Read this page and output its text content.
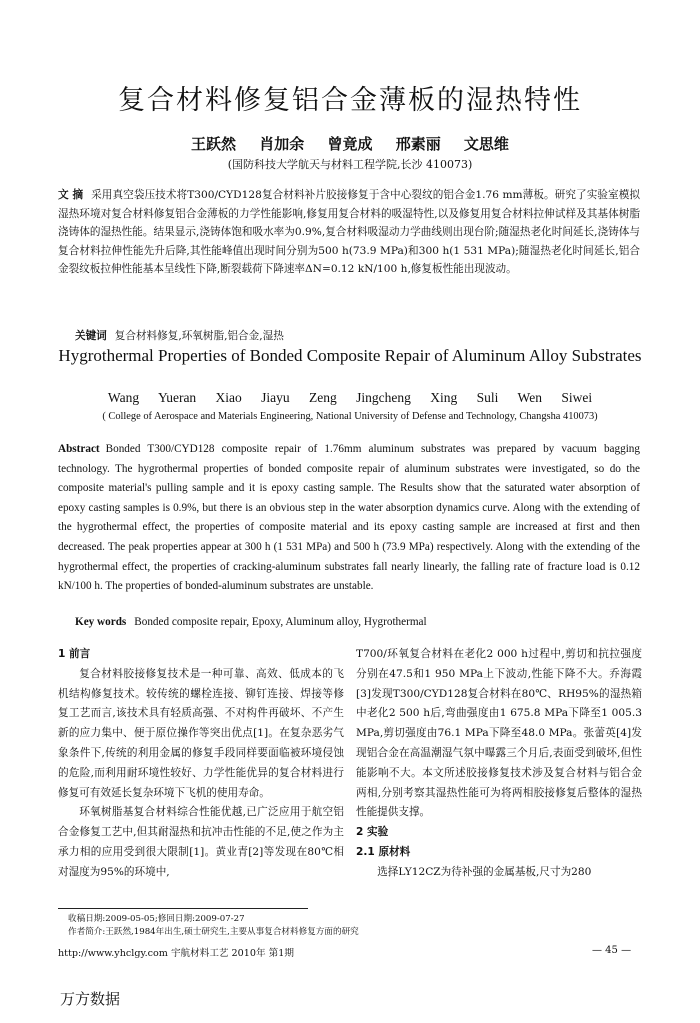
复合材料修复铝合金薄板的湿热特性
王跃然 肖加余 曾竟成 邢素丽 文思维
(国防科技大学航天与材料工程学院,长沙 410073)
文 摘 采用真空袋压技术将T300/CYD128复合材料补片胶接修复于含中心裂纹的铝合金1.76 mm薄板。研究了实验室模拟湿热环境对复合材料修复铝合金薄板的力学性能影响,修复用复合材料的吸湿特性,以及修复用复合材料拉伸试样及其基体树脂浇铸体的湿热性能。结果显示,浇铸体饱和吸水率为0.9%,复合材料吸湿动力学曲线则出现台阶;随湿热老化时间延长,浇铸体与复合材料拉伸性能先升后降,其性能峰值出现时间分别为500 h(73.9 MPa)和300 h(1 531 MPa);随湿热老化时间延长,铝合金裂纹板拉伸性能基本呈线性下降,断裂载荷下降速率ΔN=0.12 kN/100 h,修复板性能出现波动。
关键词 复合材料修复,环氧树脂,铝合金,湿热
Hygrothermal Properties of Bonded Composite Repair of Aluminum Alloy Substrates
Wang Yueran Xiao Jiayu Zeng Jingcheng Xing Suli Wen Siwei
( College of Aerospace and Materials Engineering, National University of Defense and Technology, Changsha 410073)
Abstract Bonded T300/CYD128 composite repair of 1.76mm aluminum substrates was prepared by vacuum bagging technology. The hygrothermal properties of bonded composite repair of aluminum substrates were investigated, so do the composite material's pulling sample and it is epoxy casting sample. The Results show that the saturated water absorption of epoxy casting samples is 0.9%, but there is an obvious step in the water absorption dynamics curve. Along with the extending of the hygrothermal effect, the properties of composite material and its epoxy casting sample are increased at first and then decreased. The peak properties appear at 300 h (1 531 MPa) and 500 h (73.9 MPa) respectively. Along with the extending of the hygrothermal effect, the properties of cracking-aluminum substrates fall nearly linearly, the falling rate of fracture load is 0.12 kN/100 h. The properties of bonded-aluminum substrates are unstable.
Key words Bonded composite repair, Epoxy, Aluminum alloy, Hygrothermal

1 前言

复合材料胶接修复技术是一种可靠、高效、低成本的飞机结构修复技术。较传统的螺栓连接、铆钉连接、焊接等修复工艺而言,该技术具有轻质高强、不对构件再破坏、不产生新的应力集中、便于原位操作等突出优点[1]。在复杂恶劣气象条件下,传统的利用金属的修复手段同样要面临被环境侵蚀的危险,而利用耐环境性较好、力学性能优异的复合材料进行修复可有效延长复杂环境下飞机的使用寿命。

环氧树脂基复合材料综合性能优越,已广泛应用于航空铝合金修复工艺中,但其耐湿热和抗冲击性能的不足,使之作为主承力相的应用受到很大限制[1]。黄业青[2]等发现在80℃相对湿度为95%的环境中,

T700/环氧复合材料在老化2 000 h过程中,剪切和抗拉强度分别在47.5和1 950 MPa上下波动,性能下降不大。乔海霞[3]发现T300/CYD128复合材料在80℃、RH95%的湿热箱中老化2 500 h后,弯曲强度由1 675.8 MPa下降至1 005.3 MPa,剪切强度由76.1 MPa下降至48.0 MPa。张蕾英[4]发现铝合金在高温潮湿气氛中曝露三个月后,表面受到破坏,但性能影响不大。本文所述胶接修复技术涉及复合材料与铝合金两相,分别考察其湿热性能可为将两相胶接修复后整体的湿热性能提供支撑。

2 实验

2.1 原材料

选择LY12CZ为待补强的金属基板,尺寸为280

收稿日期:2009-05-05;修回日期:2009-07-27
作者简介:王跃然,1984年出生,硕士研究生,主要从事复合材料修复方面的研究
http://www.yhclgy.com 宇航材料工艺 2010年 第1期	— 45 —
万方数据
